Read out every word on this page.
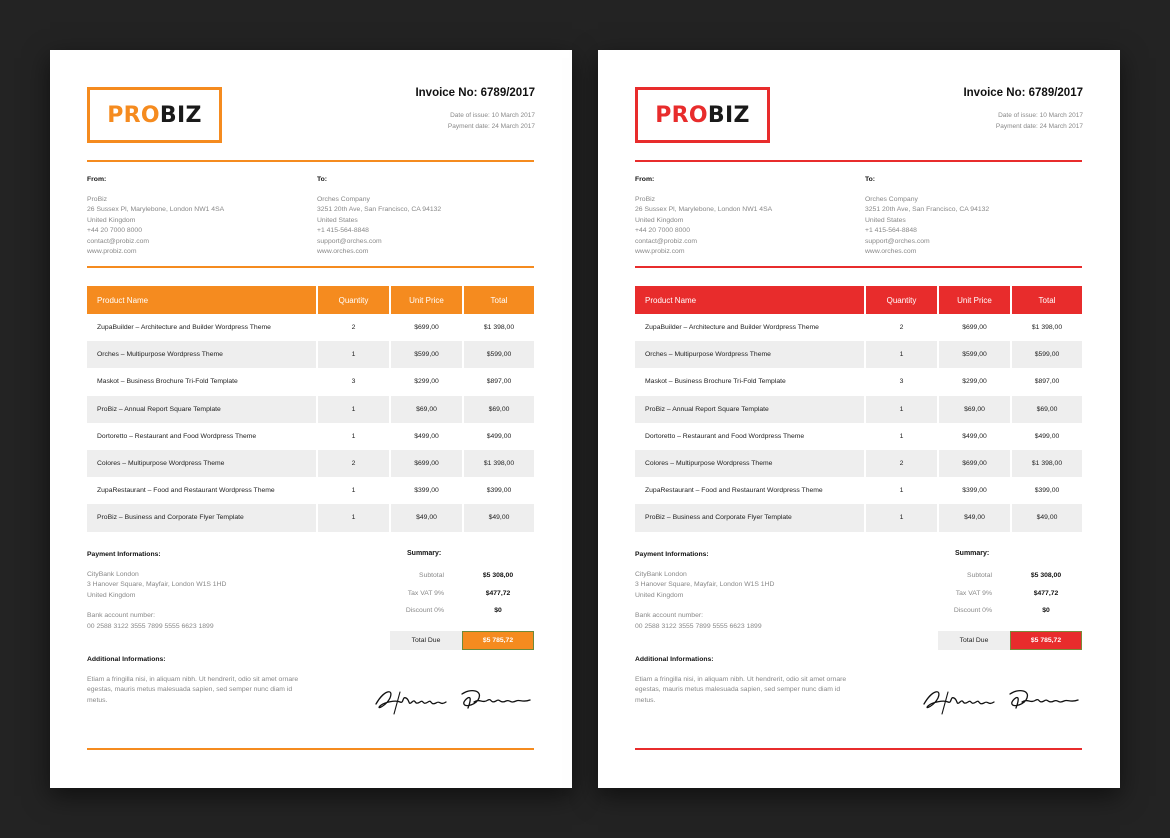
PRO BIZ
Invoice No: 6789/2017
Date of issue: 10 March 2017
Payment date: 24 March 2017
From:
ProBiz
26 Sussex Pl, Marylebone, London NW1 4SA
United Kingdom
+44 20 7000 8000
contact@probiz.com
www.probiz.com
To:
Orches Company
3251 20th Ave, San Francisco, CA 94132
United States
+1 415-564-8848
support@orches.com
www.orches.com
Product Name	Quantity	Unit Price	Total
ZupaBuilder – Architecture and Builder Wordpress Theme	2	$699,00	$1 398,00
Orches – Multipurpose Wordpress Theme	1	$599,00	$599,00
Maskot – Business Brochure Tri-Fold Template	3	$299,00	$897,00
ProBiz – Annual Report Square Template	1	$69,00	$69,00
Dortoretto – Restaurant and Food Wordpress Theme	1	$499,00	$499,00
Colores – Multipurpose Wordpress Theme	2	$699,00	$1 398,00
ZupaRestaurant – Food and Restaurant Wordpress Theme	1	$399,00	$399,00
ProBiz – Business and Corporate Flyer Template	1	$49,00	$49,00
Payment Informations:
CityBank London
3 Hanover Square, Mayfair, London W1S 1HD
United Kingdom
Bank account number:
00 2588 3122 3555 7899 5555 6623 1899
Summary:
Subtotal	$5 308,00
Tax VAT 9%	$477,72
Discount 0%	$0
Total Due	$5 785,72
Additional Informations:
Etiam a fringilla nisi, in aliquam nibh. Ut hendrerit, odio sit amet ornare egestas, mauris metus malesuada sapien, sed semper nunc diam id metus.
PRO BIZ
Invoice No: 6789/2017
Date of issue: 10 March 2017
Payment date: 24 March 2017
From:
ProBiz
26 Sussex Pl, Marylebone, London NW1 4SA
United Kingdom
+44 20 7000 8000
contact@probiz.com
www.probiz.com
To:
Orches Company
3251 20th Ave, San Francisco, CA 94132
United States
+1 415-564-8848
support@orches.com
www.orches.com
Product Name	Quantity	Unit Price	Total
ZupaBuilder – Architecture and Builder Wordpress Theme	2	$699,00	$1 398,00
Orches – Multipurpose Wordpress Theme	1	$599,00	$599,00
Maskot – Business Brochure Tri-Fold Template	3	$299,00	$897,00
ProBiz – Annual Report Square Template	1	$69,00	$69,00
Dortoretto – Restaurant and Food Wordpress Theme	1	$499,00	$499,00
Colores – Multipurpose Wordpress Theme	2	$699,00	$1 398,00
ZupaRestaurant – Food and Restaurant Wordpress Theme	1	$399,00	$399,00
ProBiz – Business and Corporate Flyer Template	1	$49,00	$49,00
Payment Informations:
CityBank London
3 Hanover Square, Mayfair, London W1S 1HD
United Kingdom
Bank account number:
00 2588 3122 3555 7899 5555 6623 1899
Summary:
Subtotal	$5 308,00
Tax VAT 9%	$477,72
Discount 0%	$0
Total Due	$5 785,72
Additional Informations:
Etiam a fringilla nisi, in aliquam nibh. Ut hendrerit, odio sit amet ornare egestas, mauris metus malesuada sapien, sed semper nunc diam id metus.
